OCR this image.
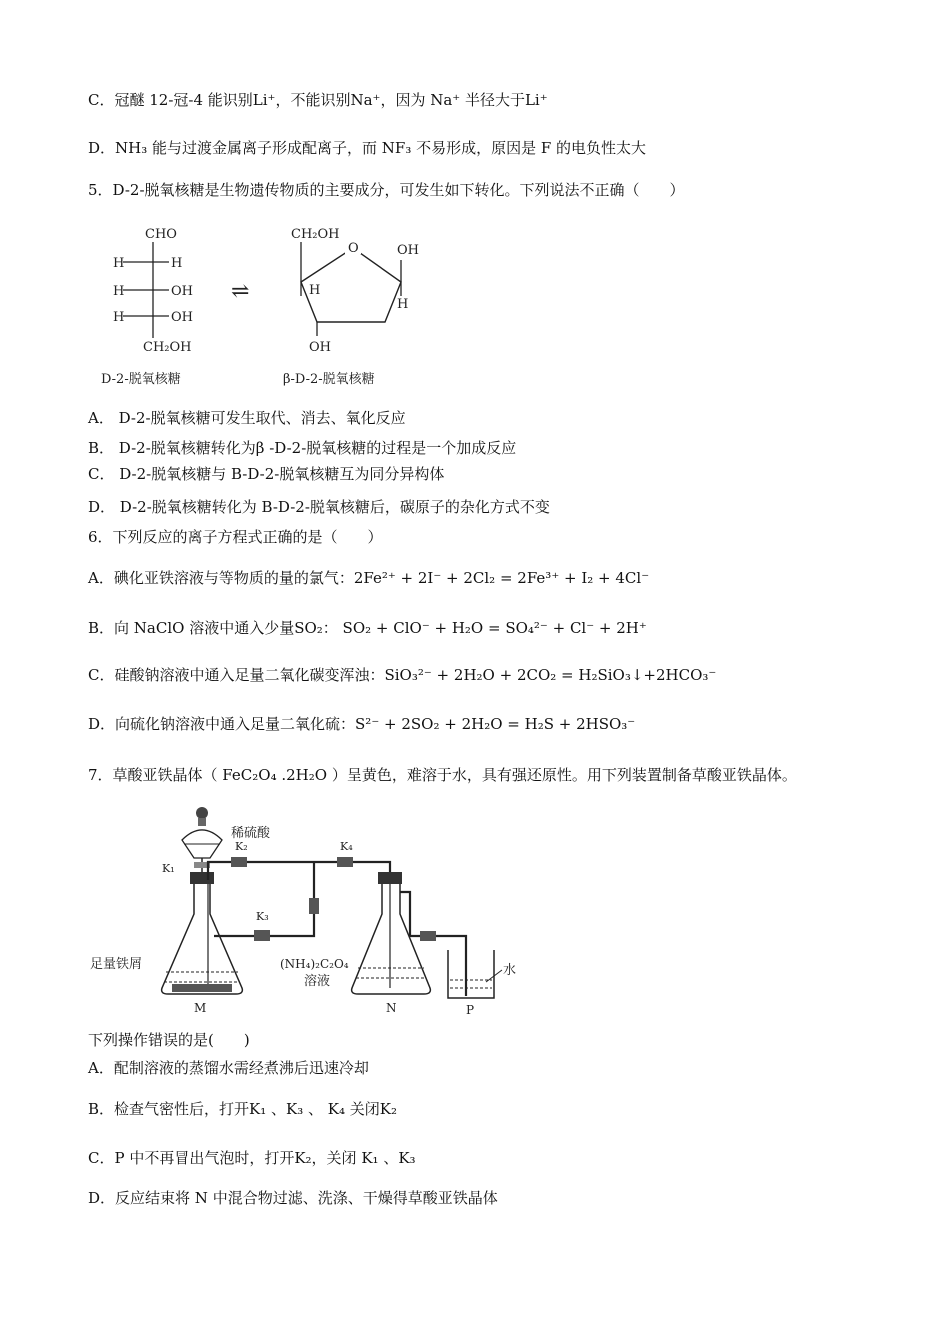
C．冠醚 12-冠-4 能识别Li⁺，不能识别Na⁺，因为 Na⁺ 半径大于Li⁺
D．NH₃ 能与过渡金属离子形成配离子，而 NF₃ 不易形成，原因是 F 的电负性太大
5．D-2-脱氧核糖是生物遗传物质的主要成分，可发生如下转化。下列说法不正确（　　）
CHO
H	H
H	OH
H	OH
CH₂OH
⇌
CH₂OH
O	OH
H
H
OH
D-2-脱氧核糖	β-D-2-脱氧核糖
A． D-2-脱氧核糖可发生取代、消去、氧化反应
B． D-2-脱氧核糖转化为β -D-2-脱氧核糖的过程是一个加成反应
C． D-2-脱氧核糖与 B-D-2-脱氧核糖互为同分异构体
D． D-2-脱氧核糖转化为 B-D-2-脱氧核糖后，碳原子的杂化方式不变
6．下列反应的离子方程式正确的是（　　）
A．碘化亚铁溶液与等物质的量的氯气：2Fe²⁺ + 2I⁻ + 2Cl₂ = 2Fe³⁺ + I₂ + 4Cl⁻
B．向 NaClO 溶液中通入少量SO₂： SO₂ + ClO⁻ + H₂O = SO₄²⁻ + Cl⁻ + 2H⁺
C．硅酸钠溶液中通入足量二氧化碳变浑浊：SiO₃²⁻ + 2H₂O + 2CO₂ = H₂SiO₃↓+2HCO₃⁻
D．向硫化钠溶液中通入足量二氧化硫：S²⁻ + 2SO₂ + 2H₂O = H₂S + 2HSO₃⁻
7．草酸亚铁晶体（ FeC₂O₄ .2H₂O ）呈黄色，难溶于水，具有强还原性。用下列装置制备草酸亚铁晶体。
稀硫酸
K₁
足量铁屑
M
K₂	K₄
K₃
(NH₄)₂C₂O₄
溶液
N
水
P
下列操作错误的是(　　)
A．配制溶液的蒸馏水需经煮沸后迅速冷却
B．检查气密性后，打开K₁ 、K₃ 、 K₄ 关闭K₂
C．P 中不再冒出气泡时，打开K₂，关闭 K₁ 、K₃
D．反应结束将 N 中混合物过滤、洗涤、干燥得草酸亚铁晶体
